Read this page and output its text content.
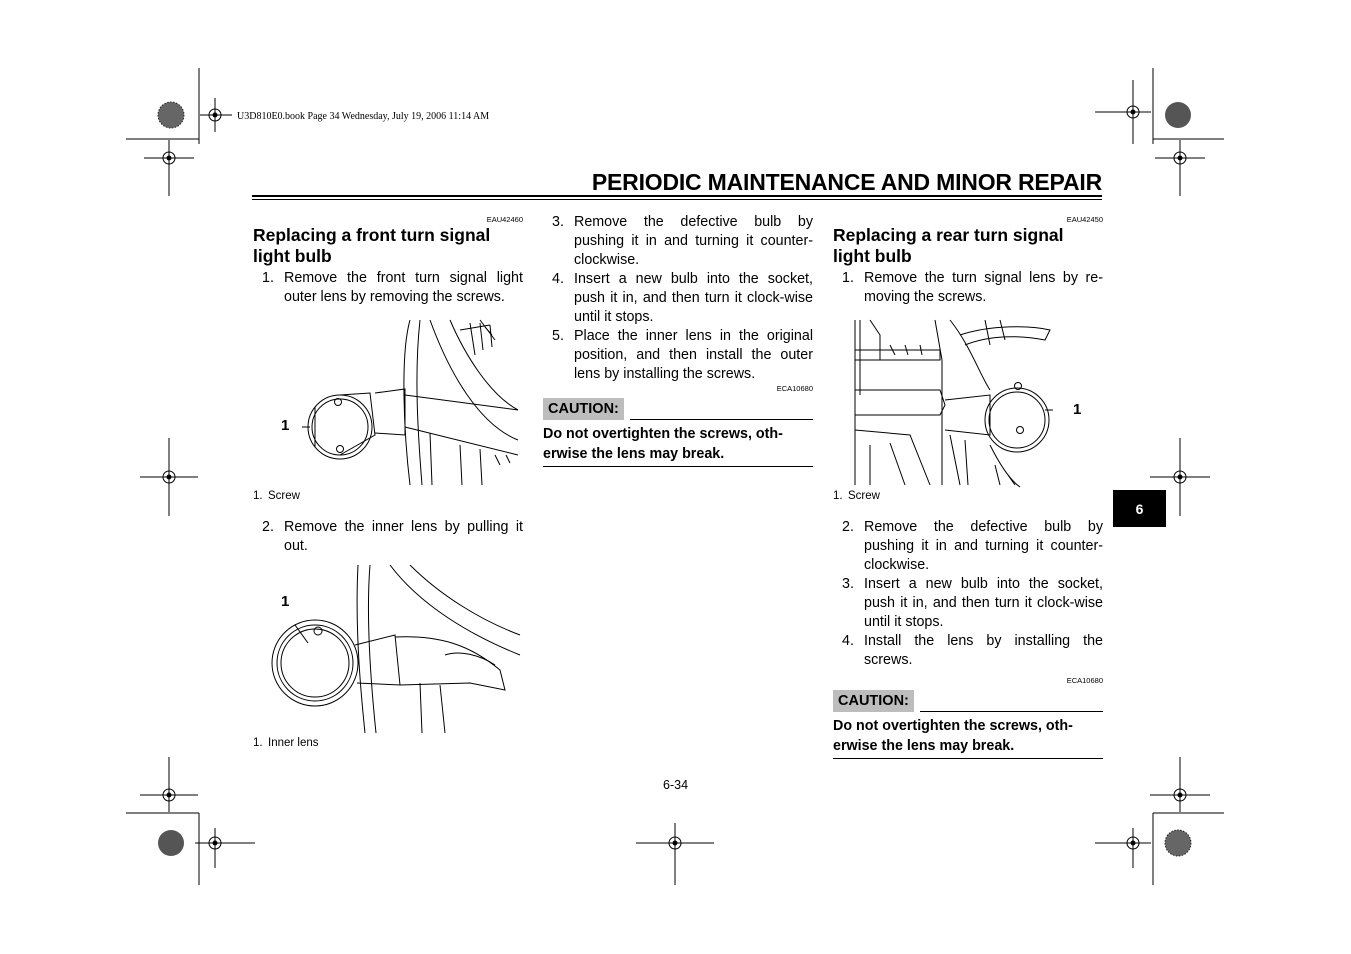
U3D810E0.book Page 34 Wednesday, July 19, 2006 11:14 AM
PERIODIC MAINTENANCE AND MINOR REPAIR
EAU42460
Replacing a front turn signal light bulb
1. Remove the front turn signal light outer lens by removing the screws.
1
1. Screw
2. Remove the inner lens by pulling it out.
1
1. Inner lens
3. Remove the defective bulb by pushing it in and turning it counter-clockwise.
4. Insert a new bulb into the socket, push it in, and then turn it clock-wise until it stops.
5. Place the inner lens in the original position, and then install the outer lens by installing the screws.
ECA10680
CAUTION:
Do not overtighten the screws, oth-erwise the lens may break.
EAU42450
Replacing a rear turn signal light bulb
1. Remove the turn signal lens by re-moving the screws.
1
1. Screw
2. Remove the defective bulb by pushing it in and turning it counter-clockwise.
3. Insert a new bulb into the socket, push it in, and then turn it clock-wise until it stops.
4. Install the lens by installing the screws.
ECA10680
CAUTION:
Do not overtighten the screws, oth-erwise the lens may break.
6
6-34
